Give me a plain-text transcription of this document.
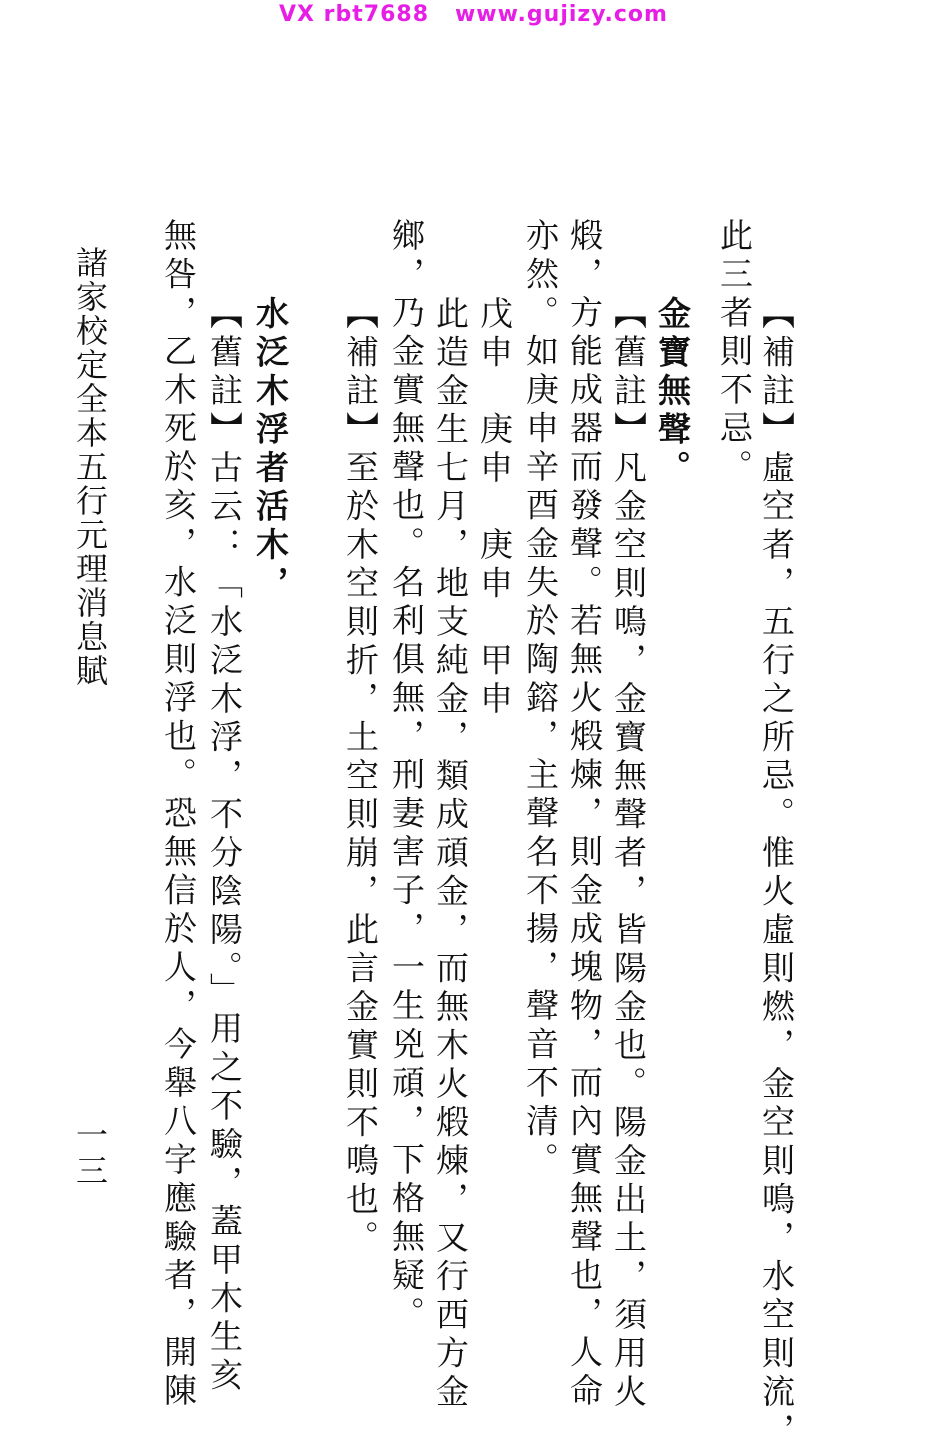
VX rbt7688   www.gujizy.com
【補註】虛空者，五行之所忌。惟火虛則燃，金空則鳴，水空則流，
此三者則不忌。
金寶無聲。
【舊註】凡金空則鳴，金寶無聲者，皆陽金也。陽金出土，須用火
煅，方能成器而發聲。若無火煅煉，則金成塊物，而內實無聲也，人命
亦然。如庚申辛酉金失於陶鎔，主聲名不揚，聲音不清。
戊申　庚申　庚申　甲申
此造金生七月，地支純金，類成頑金，而無木火煅煉，又行西方金
鄉，乃金實無聲也。名利俱無，刑妻害子，一生兇頑，下格無疑。
【補註】至於木空則折，土空則崩，此言金實則不鳴也。
水泛木浮者活木，
【舊註】古云：「水泛木浮，不分陰陽。」用之不驗，蓋甲木生亥
無咎，乙木死於亥，水泛則浮也。恐無信於人，今舉八字應驗者，開陳
諸家校定全本五行元理消息賦
一三
